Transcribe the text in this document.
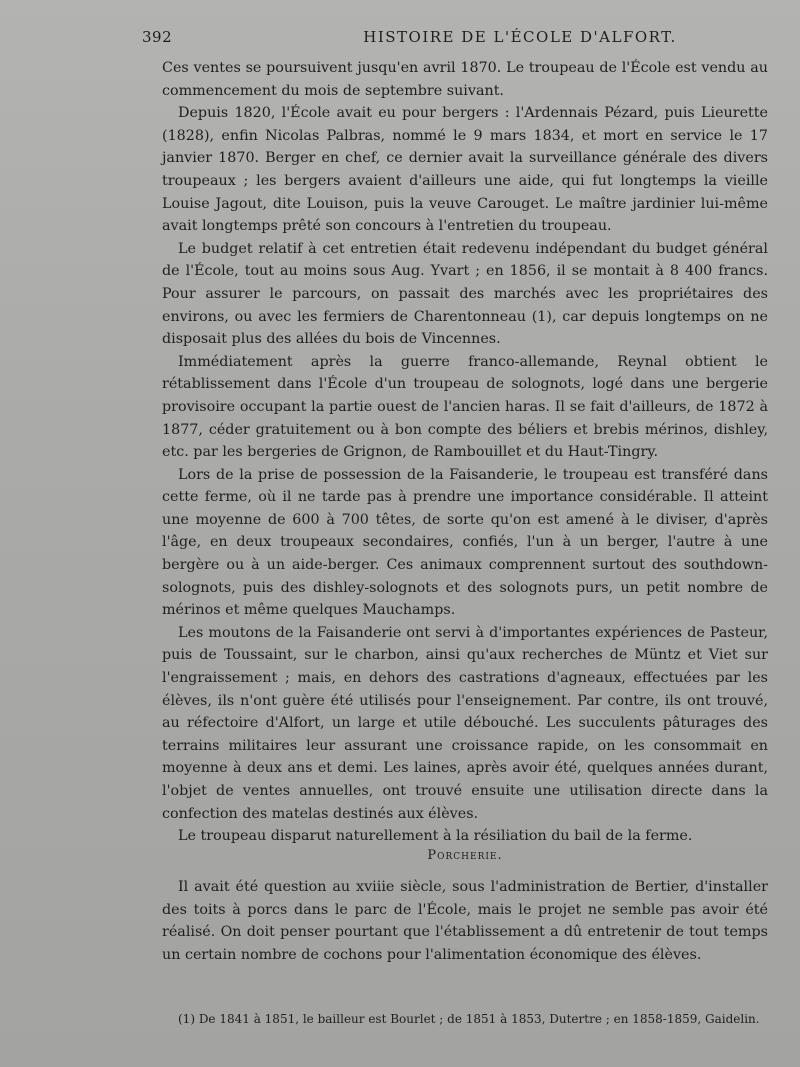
392	HISTOIRE DE L'ÉCOLE D'ALFORT.

Ces ventes se poursuivent jusqu'en avril 1870. Le troupeau de l'École est vendu au commencement du mois de septembre suivant.

Depuis 1820, l'École avait eu pour bergers : l'Ardennais Pézard, puis Lieurette (1828), enfin Nicolas Palbras, nommé le 9 mars 1834, et mort en service le 17 janvier 1870. Berger en chef, ce dernier avait la surveillance générale des divers troupeaux ; les bergers avaient d'ailleurs une aide, qui fut longtemps la vieille Louise Jagout, dite Louison, puis la veuve Carouget. Le maître jardinier lui-même avait longtemps prêté son concours à l'entretien du troupeau.

Le budget relatif à cet entretien était redevenu indépendant du budget général de l'École, tout au moins sous Aug. Yvart ; en 1856, il se montait à 8 400 francs. Pour assurer le parcours, on passait des marchés avec les propriétaires des environs, ou avec les fermiers de Charentonneau (1), car depuis longtemps on ne disposait plus des allées du bois de Vincennes.

Immédiatement après la guerre franco-allemande, Reynal obtient le rétablissement dans l'École d'un troupeau de solognots, logé dans une bergerie provisoire occupant la partie ouest de l'ancien haras. Il se fait d'ailleurs, de 1872 à 1877, céder gratuitement ou à bon compte des béliers et brebis mérinos, dishley, etc. par les bergeries de Grignon, de Rambouillet et du Haut-Tingry.

Lors de la prise de possession de la Faisanderie, le troupeau est transféré dans cette ferme, où il ne tarde pas à prendre une importance considérable. Il atteint une moyenne de 600 à 700 têtes, de sorte qu'on est amené à le diviser, d'après l'âge, en deux troupeaux secondaires, confiés, l'un à un berger, l'autre à une bergère ou à un aide-berger. Ces animaux comprennent surtout des southdown-solognots, puis des dishley-solognots et des solognots purs, un petit nombre de mérinos et même quelques Mauchamps.

Les moutons de la Faisanderie ont servi à d'importantes expériences de Pasteur, puis de Toussaint, sur le charbon, ainsi qu'aux recherches de Müntz et Viet sur l'engraissement ; mais, en dehors des castrations d'agneaux, effectuées par les élèves, ils n'ont guère été utilisés pour l'enseignement. Par contre, ils ont trouvé, au réfectoire d'Alfort, un large et utile débouché. Les succulents pâturages des terrains militaires leur assurant une croissance rapide, on les consommait en moyenne à deux ans et demi. Les laines, après avoir été, quelques années durant, l'objet de ventes annuelles, ont trouvé ensuite une utilisation directe dans la confection des matelas destinés aux élèves.

Le troupeau disparut naturellement à la résiliation du bail de la ferme.

Porcherie.

Il avait été question au xviiie siècle, sous l'administration de Bertier, d'installer des toits à porcs dans le parc de l'École, mais le projet ne semble pas avoir été réalisé. On doit penser pourtant que l'établissement a dû entretenir de tout temps un certain nombre de cochons pour l'alimentation économique des élèves.

(1) De 1841 à 1851, le bailleur est Bourlet ; de 1851 à 1853, Dutertre ; en 1858-1859, Gaidelin.
